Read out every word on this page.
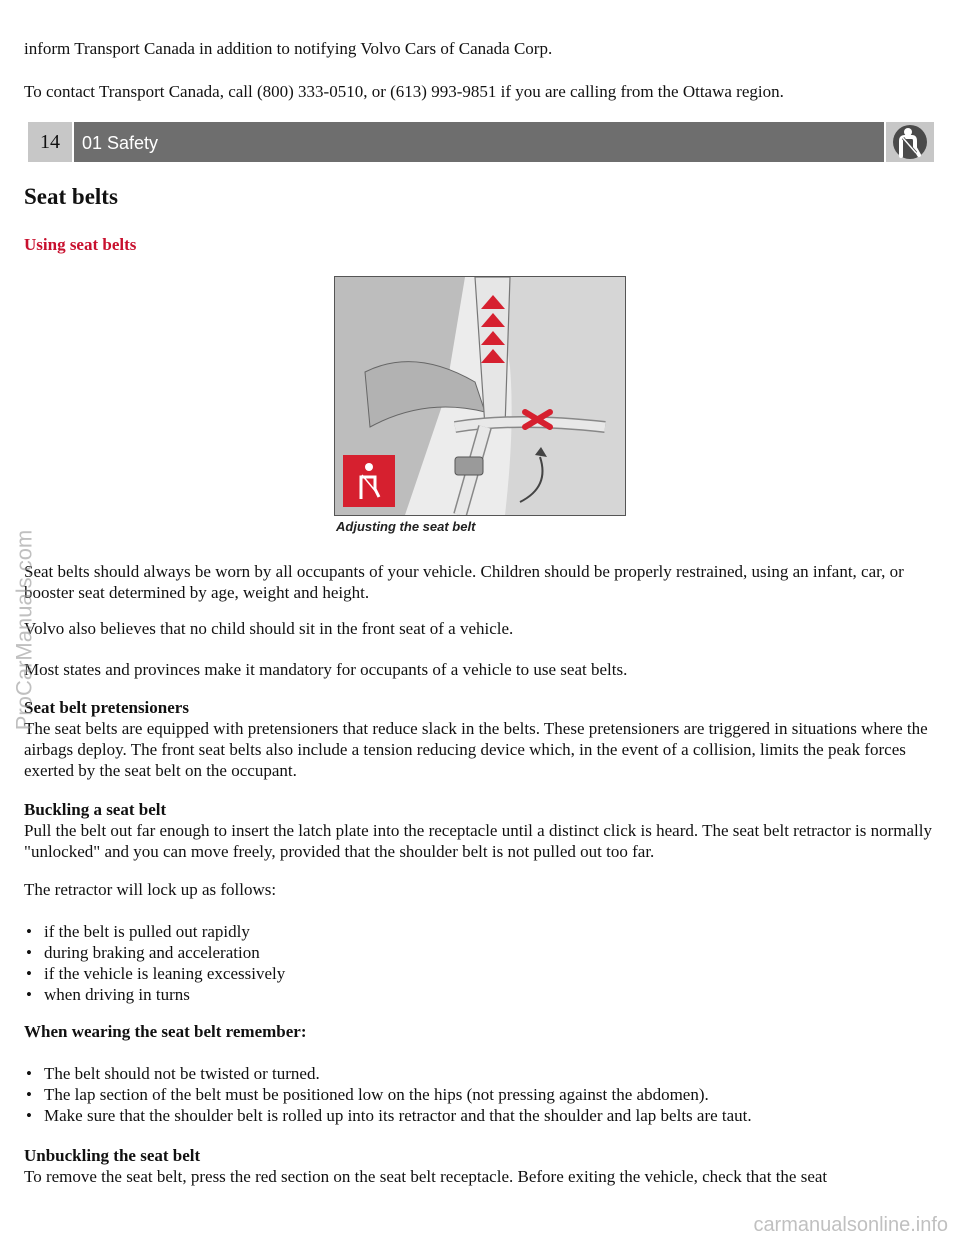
inform Transport Canada in addition to notifying Volvo Cars of Canada Corp.

To contact Transport Canada, call (800) 333-0510, or (613) 993-9851 if you are calling from the Ottawa region.

14	01 Safety
Seat belts
Using seat belts
Adjusting the seat belt

Seat belts should always be worn by all occupants of your vehicle. Children should be properly restrained, using an infant, car, or booster seat determined by age, weight and height.

Volvo also believes that no child should sit in the front seat of a vehicle.

Most states and provinces make it mandatory for occupants of a vehicle to use seat belts.

Seat belt pretensioners

The seat belts are equipped with pretensioners that reduce slack in the belts. These pretensioners are triggered in situations where the airbags deploy. The front seat belts also include a tension reducing device which, in the event of a collision, limits the peak forces exerted by the seat belt on the occupant.

Buckling a seat belt

Pull the belt out far enough to insert the latch plate into the receptacle until a distinct click is heard. The seat belt retractor is normally "unlocked" and you can move freely, provided that the shoulder belt is not pulled out too far.

The retractor will lock up as follows:

• if the belt is pulled out rapidly
• during braking and acceleration
• if the vehicle is leaning excessively
• when driving in turns

When wearing the seat belt remember:

• The belt should not be twisted or turned.
• The lap section of the belt must be positioned low on the hips (not pressing against the abdomen).
• Make sure that the shoulder belt is rolled up into its retractor and that the shoulder and lap belts are taut.

Unbuckling the seat belt

To remove the seat belt, press the red section on the seat belt receptacle. Before exiting the vehicle, check that the seat

ProCarManuals.com
carmanualsonline.info
